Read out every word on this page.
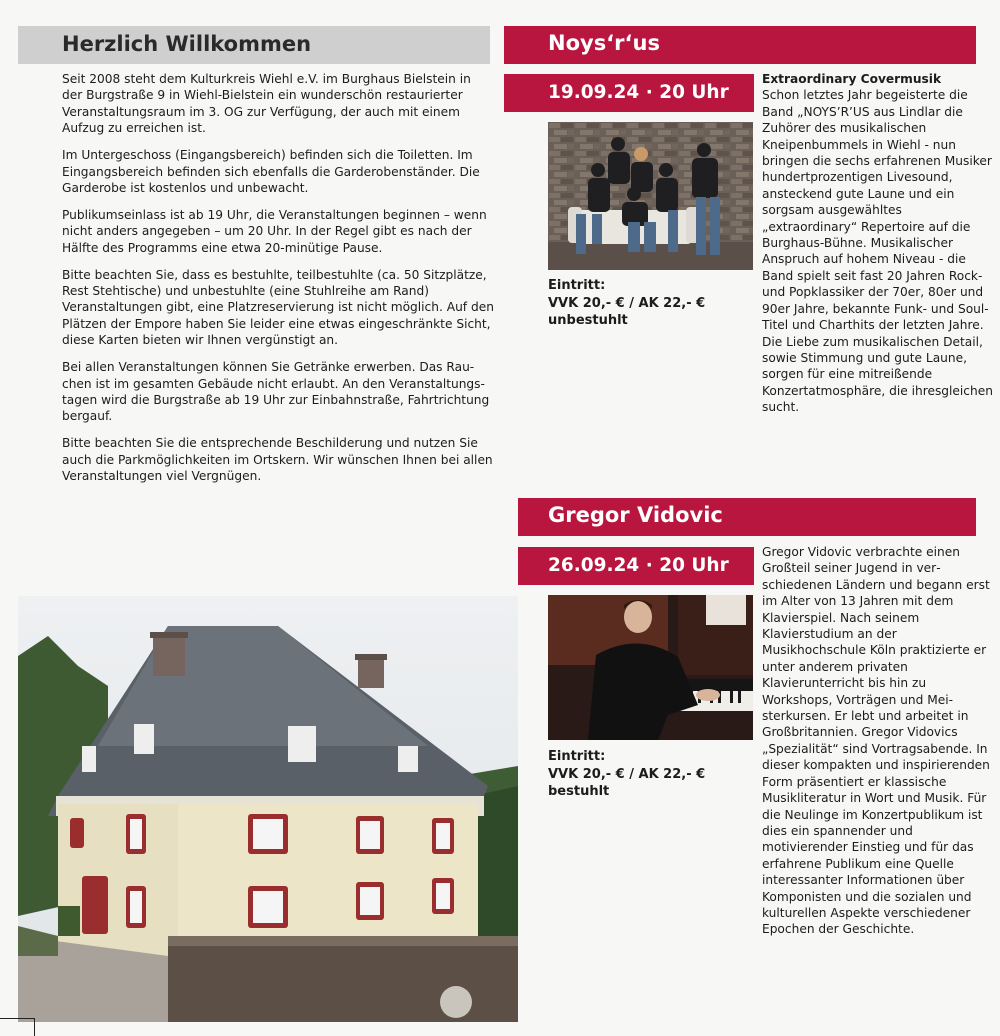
Herzlich Willkommen

Seit 2008 steht dem Kulturkreis Wiehl e.V. im Burghaus Bielstein in der Burgstraße 9 in Wiehl-Bielstein ein wunderschön restaurierter Veranstaltungsraum im 3. OG zur Verfügung, der auch mit einem Aufzug zu erreichen ist.

Im Untergeschoss (Eingangsbereich) befinden sich die Toiletten. Im Eingangsbereich befinden sich ebenfalls die Garderobenständer. Die Garderobe ist kostenlos und unbewacht.

Publikumseinlass ist ab 19 Uhr, die Veranstaltungen beginnen – wenn nicht anders angegeben – um 20 Uhr. In der Regel gibt es nach der Hälfte des Programms eine etwa 20-minütige Pause.

Bitte beachten Sie, dass es bestuhlte, teilbestuhlte (ca. 50 Sitzplätze, Rest Stehtische) und unbestuhlte (eine Stuhlreihe am Rand) Veranstaltungen gibt, eine Platzreservierung ist nicht möglich. Auf den Plätzen der Empore haben Sie leider eine etwas eingeschränkte Sicht, diese Karten bieten wir Ihnen vergünstigt an.

Bei allen Veranstaltungen können Sie Getränke erwerben. Das Rauchen ist im gesamten Gebäude nicht erlaubt. An den Veranstaltungstagen wird die Burgstraße ab 19 Uhr zur Einbahnstraße, Fahrtrichtung bergauf.

Bitte beachten Sie die entsprechende Beschilderung und nutzen Sie auch die Parkmöglichkeiten im Ortskern. Wir wünschen Ihnen bei allen Veranstaltungen viel Vergnügen.

Noys‘r‘us
19.09.24 · 20 Uhr
Eintritt:
VVK 20,- € / AK 22,- €
unbestuhlt
Extraordinary Covermusik
Schon letztes Jahr begeisterte die Band „NOYS’R’US aus Lindlar die Zuhörer des musikalischen Kneipenbummels in Wiehl - nun bringen die sechs erfahrenen Musiker hundertprozentigen Livesound, ansteckend gute Laune und ein sorgsam ausgewähltes „extraordinary“ Repertoire auf die Burghaus-Bühne. Musikalischer Anspruch auf hohem Niveau - die Band spielt seit fast 20 Jahren Rock- und Popklassiker der 70er, 80er und 90er Jahre, bekannte Funk- und Soul-Titel und Charthits der letzten Jahre. Die Liebe zum musikalischen Detail, sowie Stimmung und gute Laune, sorgen für eine mitreißende Konzertatmosphäre, die ihresgleichen sucht.
Gregor Vidovic
26.09.24 · 20 Uhr
Eintritt:
VVK 20,- € / AK 22,- €
bestuhlt
Gregor Vidovic verbrachte einen Großteil seiner Jugend in verschiedenen Ländern und begann erst im Alter von 13 Jahren mit dem Klavierspiel. Nach seinem Klavierstudium an der Musikhochschule Köln praktizierte er unter anderem privaten Klavierunterricht bis hin zu Workshops, Vorträgen und Meisterkursen. Er lebt und arbeitet in Großbritannien. Gregor Vidovics „Spezialität“ sind Vortragsabende. In dieser kompakten und inspirierenden Form präsentiert er klassische Musikliteratur in Wort und Musik. Für die Neulinge im Konzertpublikum ist dies ein spannender und motivierender Einstieg und für das erfahrene Publikum eine Quelle interessanter Informationen über Komponisten und die sozialen und kulturellen Aspekte verschiedener Epochen der Geschichte.
